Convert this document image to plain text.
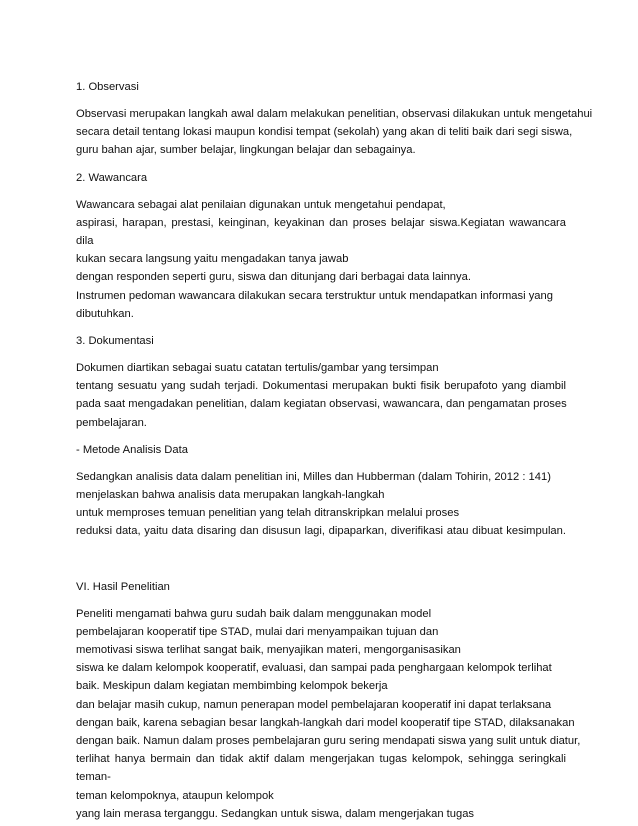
1. Observasi
Observasi merupakan langkah awal dalam melakukan penelitian, observasi dilakukan untuk mengetahui
secara detail tentang lokasi maupun kondisi tempat (sekolah) yang akan di teliti baik dari segi siswa,
guru bahan ajar, sumber belajar, lingkungan belajar dan sebagainya.
2. Wawancara
Wawancara sebagai alat penilaian digunakan untuk mengetahui pendapat,
aspirasi, harapan, prestasi, keinginan, keyakinan dan proses belajar siswa.Kegiatan wawancara dila
kukan secara langsung yaitu mengadakan tanya jawab
dengan responden seperti guru, siswa dan ditunjang dari berbagai data lainnya.
Instrumen pedoman wawancara dilakukan secara terstruktur untuk mendapatkan informasi yang
dibutuhkan.
3. Dokumentasi
Dokumen diartikan sebagai suatu catatan tertulis/gambar yang tersimpan
tentang sesuatu yang sudah terjadi. Dokumentasi merupakan bukti fisik berupafoto yang diambil
pada saat mengadakan penelitian, dalam kegiatan observasi, wawancara, dan pengamatan proses
pembelajaran.
- Metode Analisis Data
Sedangkan analisis data dalam penelitian ini, Milles dan Hubberman (dalam Tohirin, 2012 : 141)
menjelaskan bahwa analisis data merupakan langkah-langkah
untuk memproses temuan penelitian yang telah ditranskripkan melalui proses
reduksi data, yaitu data disaring dan disusun lagi, dipaparkan, diverifikasi atau dibuat kesimpulan.
VI. Hasil Penelitian
Peneliti mengamati bahwa guru sudah baik dalam menggunakan model
pembelajaran kooperatif tipe STAD, mulai dari menyampaikan tujuan dan
memotivasi siswa terlihat sangat baik, menyajikan materi, mengorganisasikan
siswa ke dalam kelompok kooperatif, evaluasi, dan sampai pada penghargaan kelompok terlihat
baik. Meskipun dalam kegiatan membimbing kelompok bekerja
dan belajar masih cukup, namun penerapan model pembelajaran kooperatif ini dapat terlaksana
dengan baik, karena sebagian besar langkah-langkah dari model kooperatif tipe STAD, dilaksanakan
dengan baik. Namun dalam proses pembelajaran guru sering mendapati siswa yang sulit untuk diatur,
terlihat hanya bermain dan tidak aktif dalam mengerjakan tugas kelompok, sehingga seringkali teman-
teman kelompoknya, ataupun kelompok
yang lain merasa terganggu. Sedangkan untuk siswa, dalam mengerjakan tugas
